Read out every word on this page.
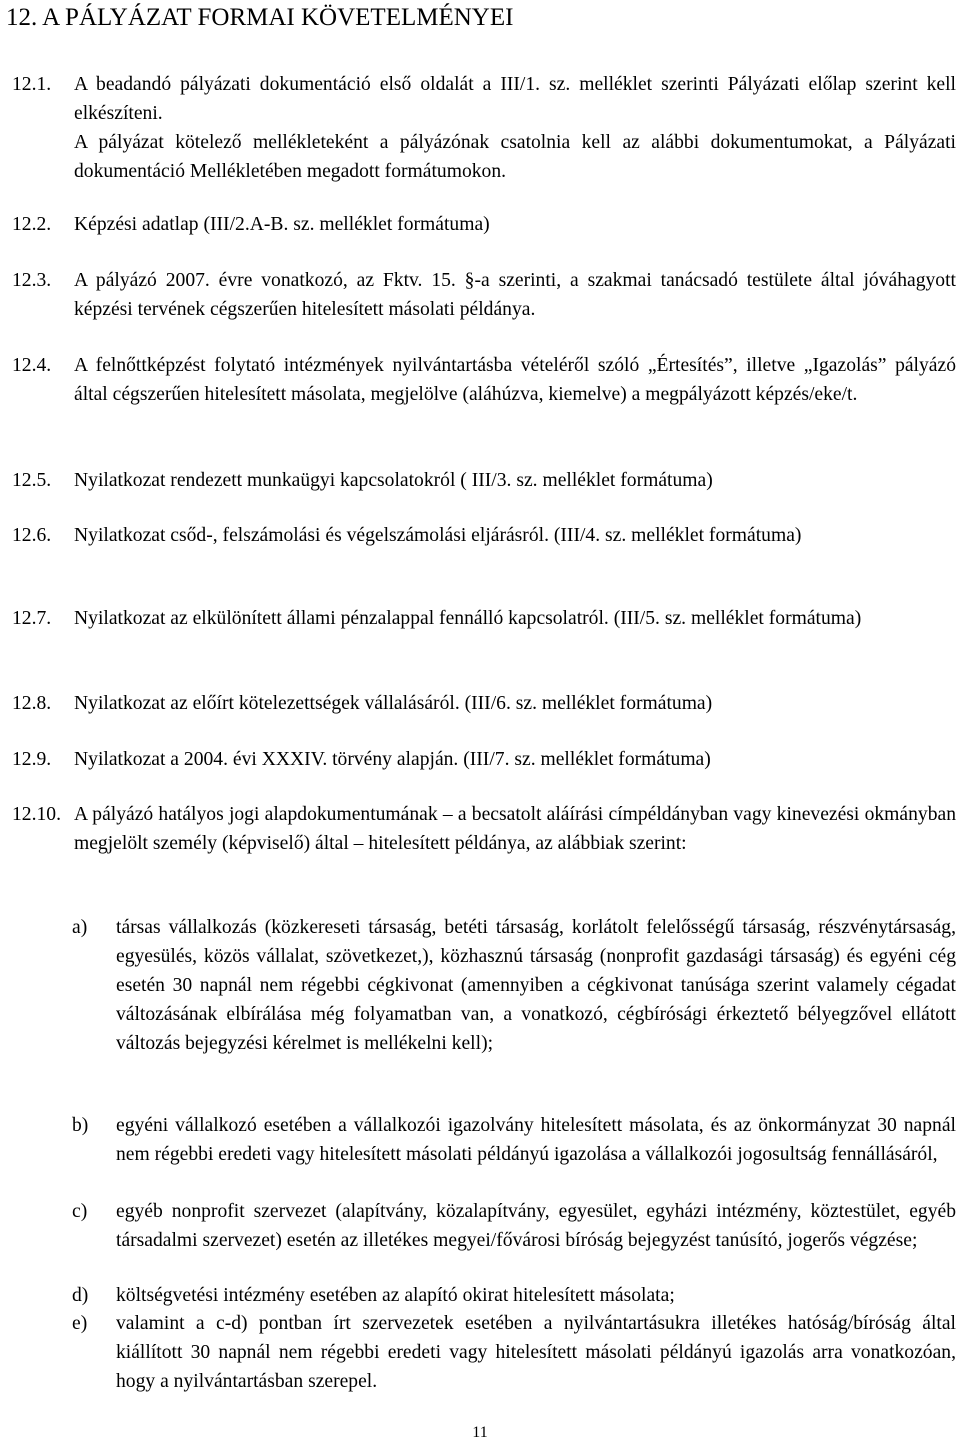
12. A PÁLYÁZAT FORMAI KÖVETELMÉNYEI
12.1.	A beadandó pályázati dokumentáció első oldalát a III/1. sz. melléklet szerinti Pályázati előlap szerint kell elkészíteni.
A pályázat kötelező mellékleteként a pályázónak csatolnia kell az alábbi dokumentumokat, a Pályázati dokumentáció Mellékletében megadott formátumokon.
12.2.	Képzési adatlap (III/2.A-B. sz. melléklet formátuma)
12.3.	A pályázó 2007. évre vonatkozó, az Fktv. 15. §-a szerinti, a szakmai tanácsadó testülete által jóváhagyott képzési tervének cégszerűen hitelesített másolati példánya.
12.4.	A felnőttképzést folytató intézmények nyilvántartásba vételéről szóló „Értesítés”, illetve „Igazolás” pályázó által cégszerűen hitelesített másolata, megjelölve (aláhúzva, kiemelve) a megpályázott képzés/eke/t.
12.5.	Nyilatkozat rendezett munkaügyi kapcsolatokról ( III/3. sz. melléklet formátuma)
12.6.	Nyilatkozat csőd-, felszámolási és végelszámolási eljárásról. (III/4. sz. melléklet formátuma)
12.7.	Nyilatkozat az elkülönített állami pénzalappal fennálló kapcsolatról. (III/5. sz. melléklet formátuma)
12.8.	Nyilatkozat az előírt kötelezettségek vállalásáról. (III/6. sz. melléklet formátuma)
12.9.	Nyilatkozat a 2004. évi XXXIV. törvény alapján. (III/7. sz. melléklet formátuma)
12.10. A pályázó hatályos jogi alapdokumentumának – a becsatolt aláírási címpéldányban vagy kinevezési okmányban megjelölt személy (képviselő) által – hitelesített példánya, az alábbiak szerint:
a)	társas vállalkozás (közkereseti társaság, betéti társaság, korlátolt felelősségű társaság, részvénytársaság, egyesülés, közös vállalat, szövetkezet,), közhasznú társaság (nonprofit gazdasági társaság) és egyéni cég esetén 30 napnál nem régebbi cégkivonat (amennyiben a cégkivonat tanúsága szerint valamely cégadat változásának elbírálása még folyamatban van, a vonatkozó, cégbírósági érkeztető bélyegzővel ellátott változás bejegyzési kérelmet is mellékelni kell);
b)	egyéni vállalkozó esetében a vállalkozói igazolvány hitelesített másolata, és az önkormányzat 30 napnál nem régebbi eredeti vagy hitelesített másolati példányú igazolása a vállalkozói jogosultság fennállásáról,
c)	egyéb nonprofit szervezet (alapítvány, közalapítvány, egyesület, egyházi intézmény, köztestület, egyéb társadalmi szervezet) esetén az illetékes megyei/fővárosi bíróság bejegyzést tanúsító, jogerős végzése;
d)	költségvetési intézmény esetében az alapító okirat hitelesített másolata;
e)	valamint a c-d) pontban írt szervezetek esetében a nyilvántartásukra illetékes hatóság/bíróság által kiállított 30 napnál nem régebbi eredeti vagy hitelesített másolati példányú igazolás arra vonatkozóan, hogy a nyilvántartásban szerepel.
11
